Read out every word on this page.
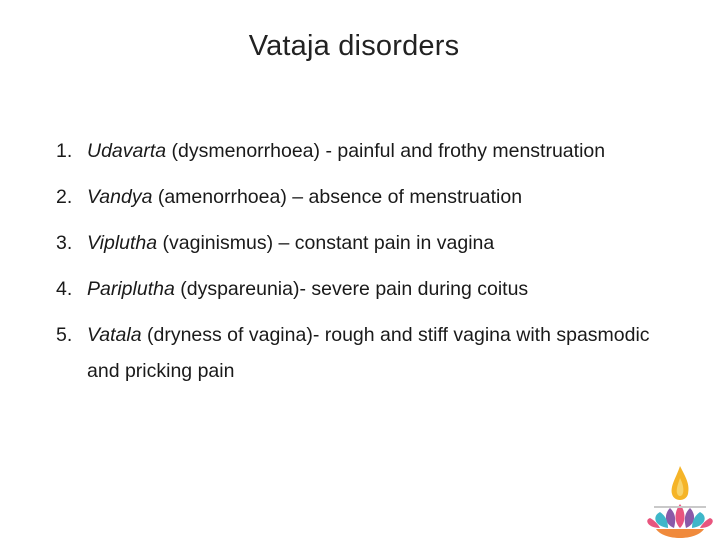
Vataja disorders
1. Udavarta (dysmenorrhoea) - painful and frothy menstruation
2. Vandya (amenorrhoea) – absence of menstruation
3. Viplutha (vaginismus) – constant pain in vagina
4. Pariplutha (dyspareunia)- severe pain during coitus
5. Vatala (dryness of vagina)- rough and stiff vagina with spasmodic and pricking pain
